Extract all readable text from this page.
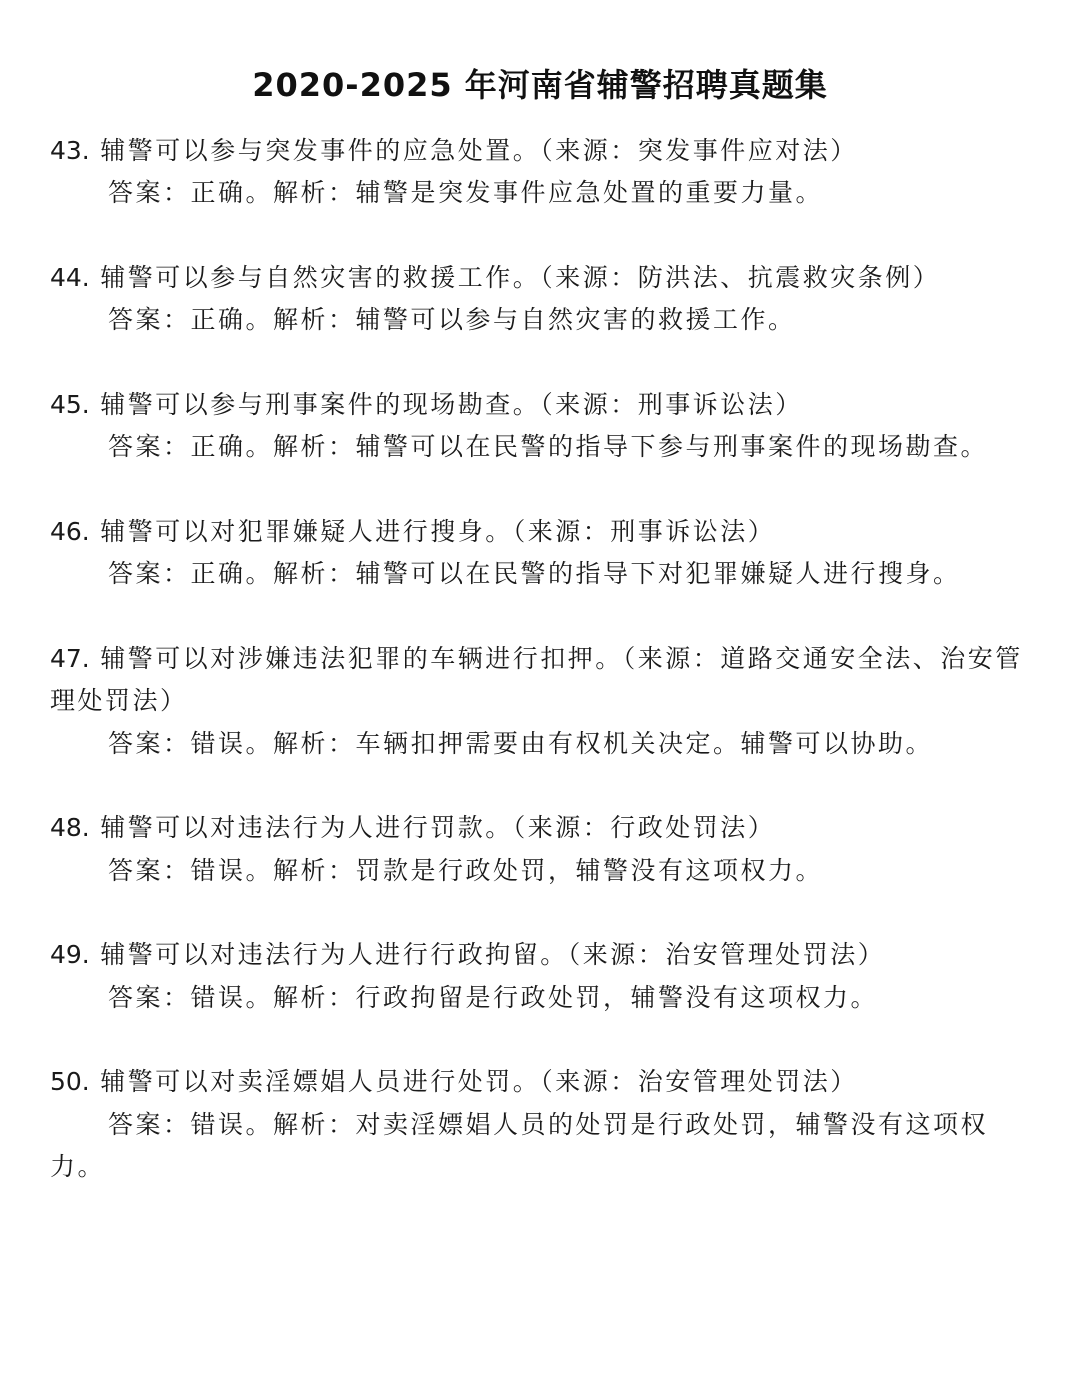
2020-2025 年河南省辅警招聘真题集
43. 辅警可以参与突发事件的应急处置。（来源：突发事件应对法）
答案：正确。解析：辅警是突发事件应急处置的重要力量。
44. 辅警可以参与自然灾害的救援工作。（来源：防洪法、抗震救灾条例）
答案：正确。解析：辅警可以参与自然灾害的救援工作。
45. 辅警可以参与刑事案件的现场勘查。（来源：刑事诉讼法）
答案：正确。解析：辅警可以在民警的指导下参与刑事案件的现场勘查。
46. 辅警可以对犯罪嫌疑人进行搜身。（来源：刑事诉讼法）
答案：正确。解析：辅警可以在民警的指导下对犯罪嫌疑人进行搜身。
47. 辅警可以对涉嫌违法犯罪的车辆进行扣押。（来源：道路交通安全法、治安管理处罚法）
答案：错误。解析：车辆扣押需要由有权机关决定。辅警可以协助。
48. 辅警可以对违法行为人进行罚款。（来源：行政处罚法）
答案：错误。解析：罚款是行政处罚，辅警没有这项权力。
49. 辅警可以对违法行为人进行行政拘留。（来源：治安管理处罚法）
答案：错误。解析：行政拘留是行政处罚，辅警没有这项权力。
50. 辅警可以对卖淫嫖娼人员进行处罚。（来源：治安管理处罚法）
答案：错误。解析：对卖淫嫖娼人员的处罚是行政处罚，辅警没有这项权力。
